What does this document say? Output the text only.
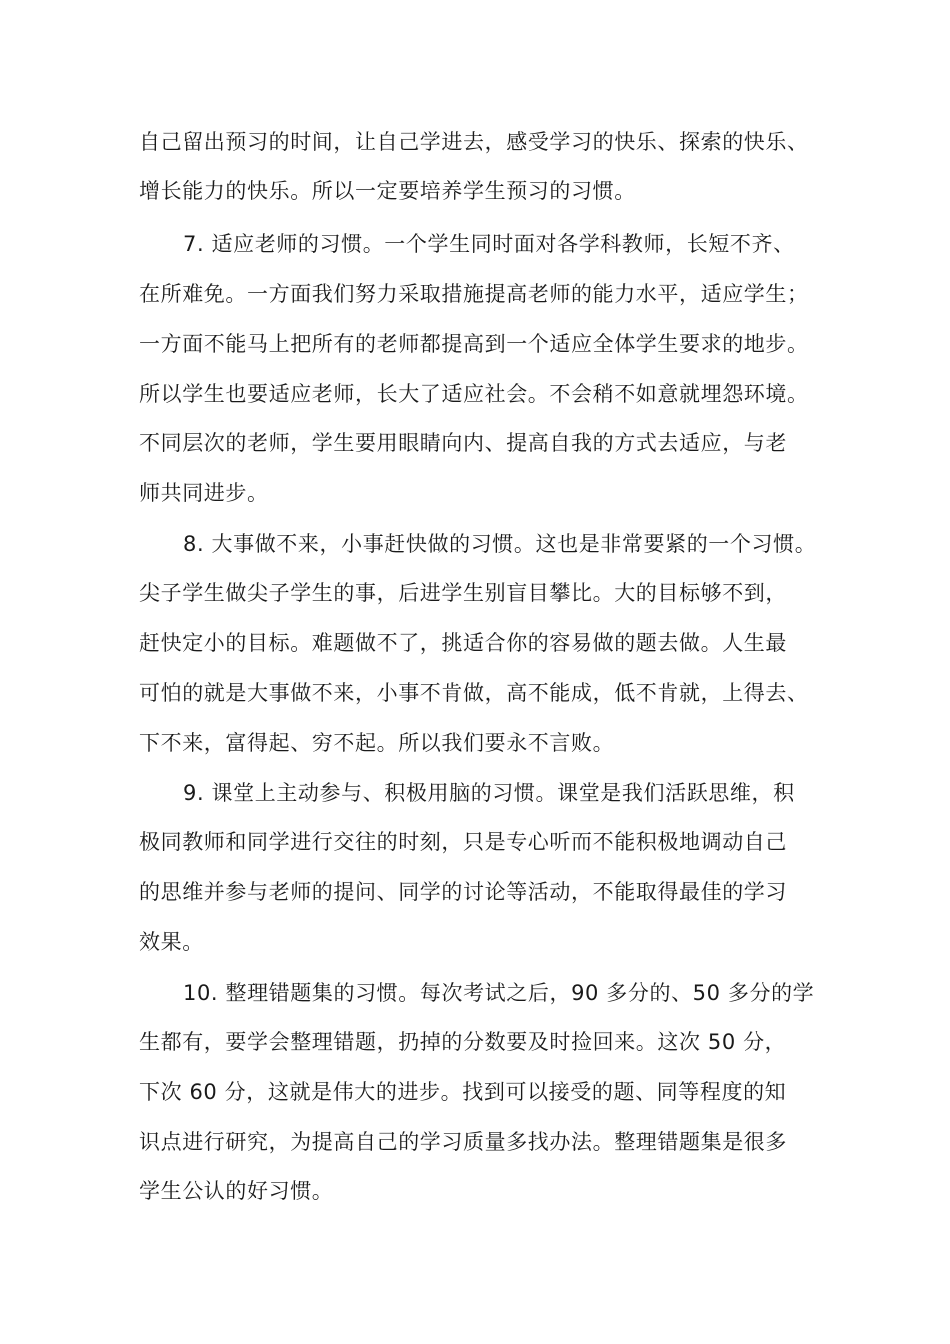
自己留出预习的时间，让自己学进去，感受学习的快乐、探索的快乐、
增长能力的快乐。所以一定要培养学生预习的习惯。
7. 适应老师的习惯。一个学生同时面对各学科教师，长短不齐、
在所难免。一方面我们努力采取措施提高老师的能力水平，适应学生；
一方面不能马上把所有的老师都提高到一个适应全体学生要求的地步。
所以学生也要适应老师，长大了适应社会。不会稍不如意就埋怨环境。
不同层次的老师，学生要用眼睛向内、提高自我的方式去适应，与老
师共同进步。
8. 大事做不来，小事赶快做的习惯。这也是非常要紧的一个习惯。
尖子学生做尖子学生的事，后进学生别盲目攀比。大的目标够不到，
赶快定小的目标。难题做不了，挑适合你的容易做的题去做。人生最
可怕的就是大事做不来，小事不肯做，高不能成，低不肯就，上得去、
下不来，富得起、穷不起。所以我们要永不言败。
9. 课堂上主动参与、积极用脑的习惯。课堂是我们活跃思维，积
极同教师和同学进行交往的时刻，只是专心听而不能积极地调动自己
的思维并参与老师的提问、同学的讨论等活动，不能取得最佳的学习
效果。
10. 整理错题集的习惯。每次考试之后，90 多分的、50 多分的学
生都有，要学会整理错题，扔掉的分数要及时捡回来。这次 50 分，
下次 60 分，这就是伟大的进步。找到可以接受的题、同等程度的知
识点进行研究，为提高自己的学习质量多找办法。整理错题集是很多
学生公认的好习惯。
